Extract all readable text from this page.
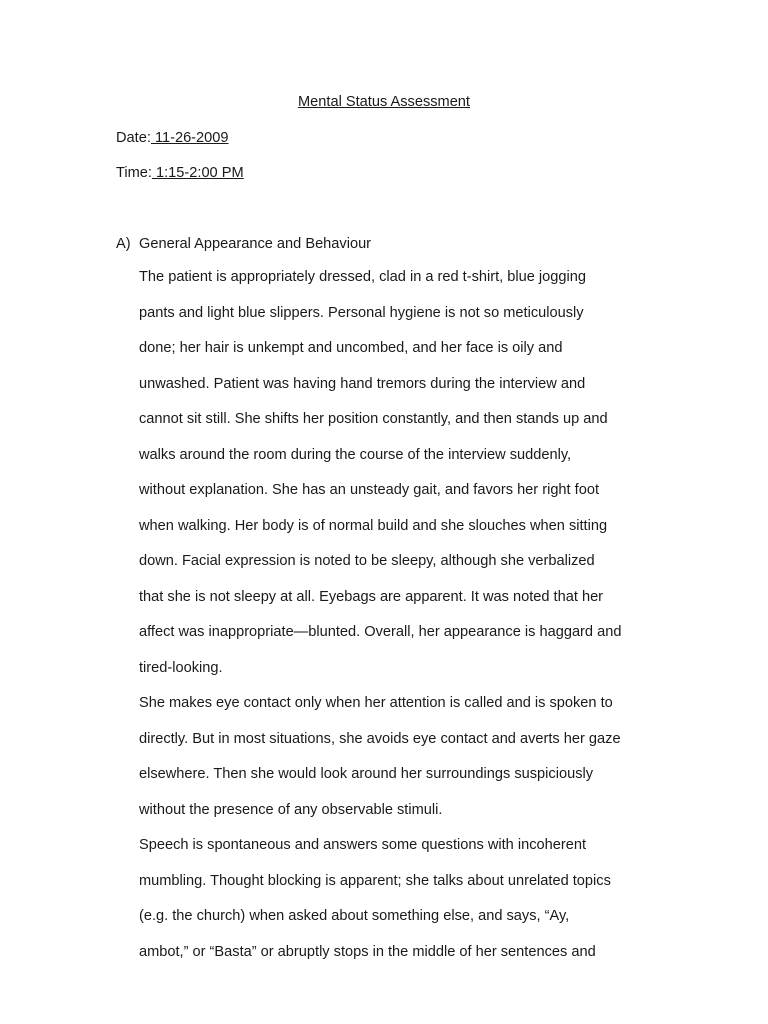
Mental Status Assessment
Date: 11-26-2009
Time: 1:15-2:00 PM
A) General Appearance and Behaviour
The patient is appropriately dressed, clad in a red t-shirt, blue jogging
pants and light blue slippers. Personal hygiene is not so meticulously
done; her hair is unkempt and uncombed, and her face is oily and
unwashed. Patient was having hand tremors during the interview and
cannot sit still. She shifts her position constantly, and then stands up and
walks around the room during the course of the interview suddenly,
without explanation. She has an unsteady gait, and favors her right foot
when walking. Her body is of normal build and she slouches when sitting
down. Facial expression is noted to be sleepy, although she verbalized
that she is not sleepy at all. Eyebags are apparent. It was noted that her
affect was inappropriate—blunted. Overall, her appearance is haggard and
tired-looking.
She makes eye contact only when her attention is called and is spoken to
directly. But in most situations, she avoids eye contact and averts her gaze
elsewhere. Then she would look around her surroundings suspiciously
without the presence of any observable stimuli.
Speech is spontaneous and answers some questions with incoherent
mumbling. Thought blocking is apparent; she talks about unrelated topics
(e.g. the church) when asked about something else, and says, “Ay,
ambot,” or “Basta” or abruptly stops in the middle of her sentences and
